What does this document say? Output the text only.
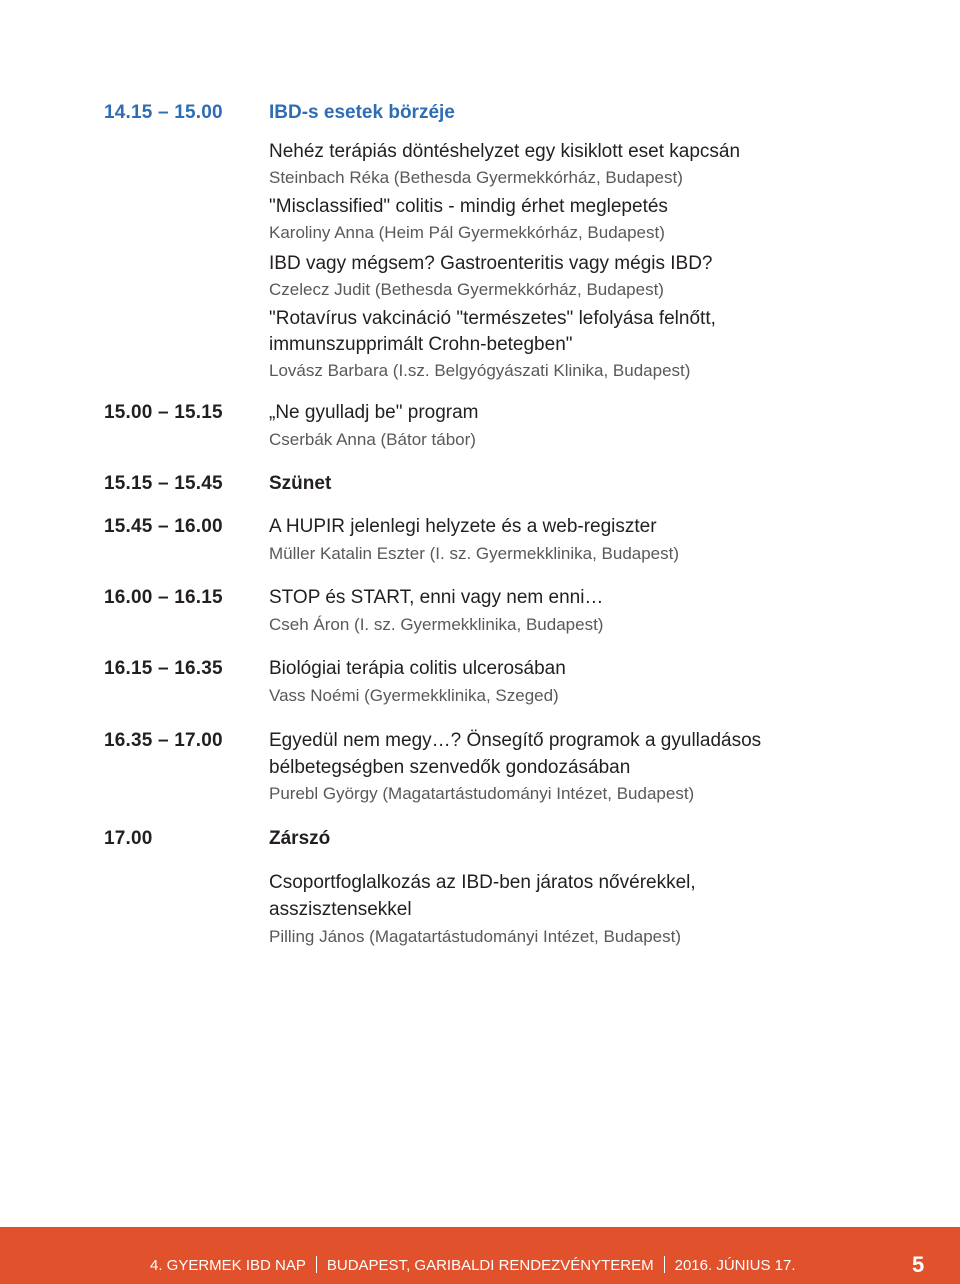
14.15 – 15.00 IBD-s esetek börzéje
Nehéz terápiás döntéshelyzet egy kisiklott eset kapcsán
Steinbach Réka (Bethesda Gyermekkórház, Budapest)
"Misclassified" colitis - mindig érhet meglepetés
Karoliny Anna (Heim Pál Gyermekkórház, Budapest)
IBD vagy mégsem? Gastroenteritis vagy mégis IBD?
Czelecz Judit (Bethesda Gyermekkórház, Budapest)
"Rotavírus vakcináció "természetes" lefolyása felnőtt,
immunszupprimált Crohn-betegben"
Lovász Barbara (I.sz. Belgyógyászati Klinika, Budapest)
15.00 – 15.15 „Ne gyulladj be" program
Cserbák Anna (Bátor tábor)
15.15 – 15.45 Szünet
15.45 – 16.00 A HUPIR jelenlegi helyzete és a web-regiszter
Müller Katalin Eszter (I. sz. Gyermekklinika, Budapest)
16.00 – 16.15 STOP és START, enni vagy nem enni…
Cseh Áron (I. sz. Gyermekklinika, Budapest)
16.15 – 16.35 Biológiai terápia colitis ulcerosában
Vass Noémi (Gyermekklinika, Szeged)
16.35 – 17.00 Egyedül nem megy…? Önsegítő programok a gyulladásos
bélbetegségben szenvedők gondozásában
Purebl György (Magatartástudományi Intézet, Budapest)
17.00	Zárszó
Csoportfoglalkozás az IBD-ben járatos nővérekkel,
asszisztensekkel
Pilling János (Magatartástudományi Intézet, Budapest)
4. GYERMEK IBD NAP BUDAPEST, GARIBALDI RENDEZVÉNYTEREM 2016. JÚNIUS 17.	5
